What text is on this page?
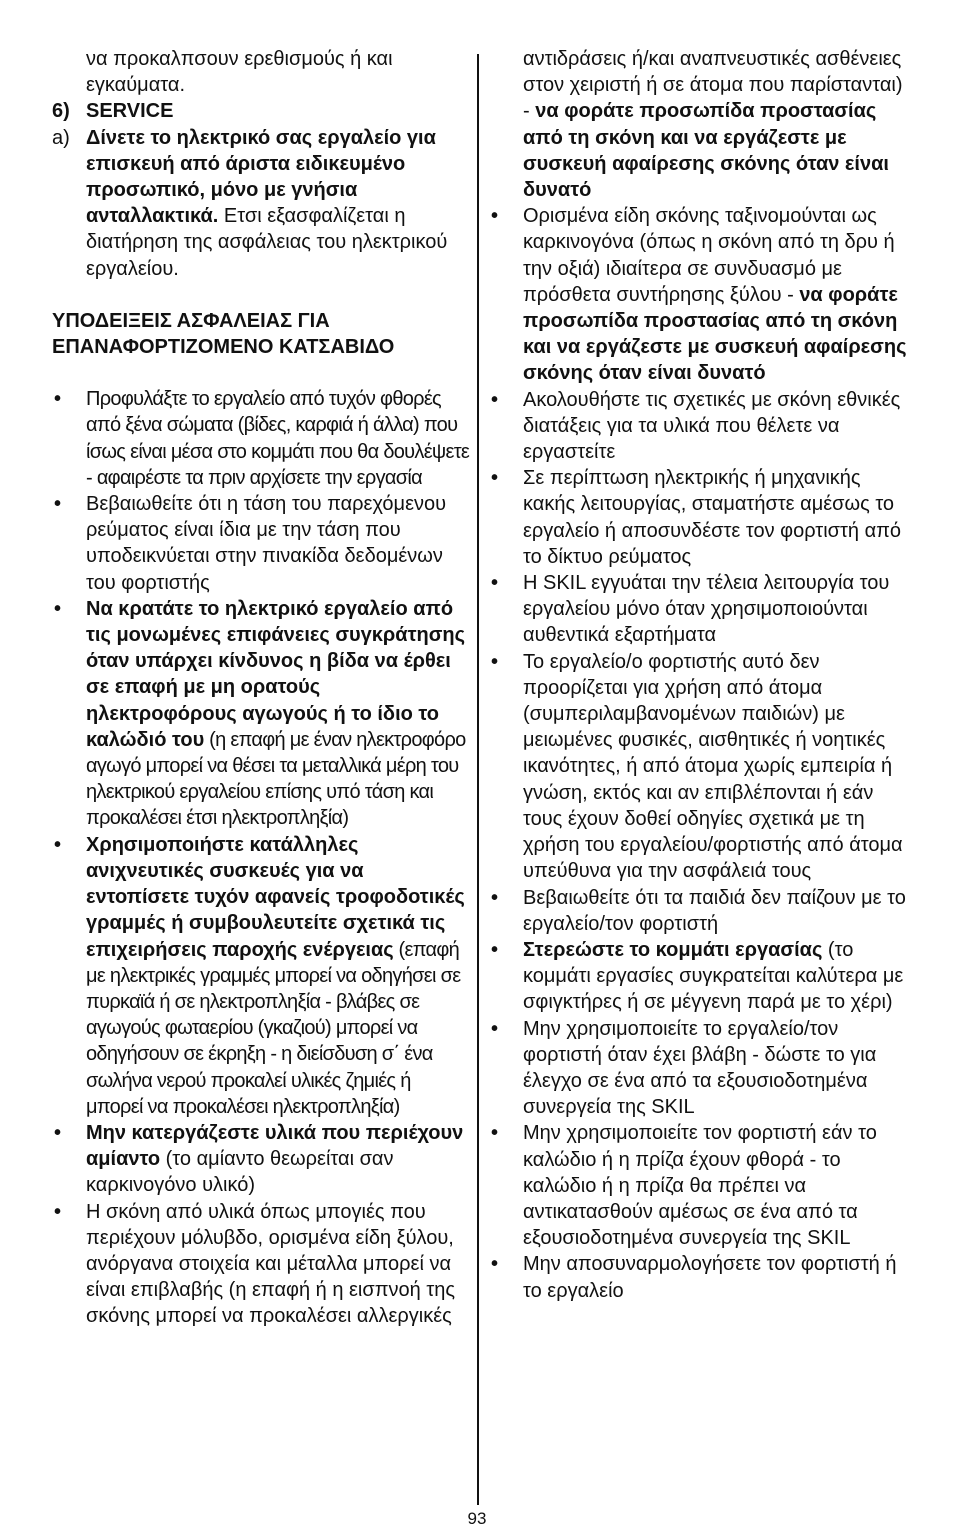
να προκαλπσουν ερεθισμούς ή και εγκαύματα.
6) SERVICE
a) Δίνετε το ηλεκτρικό σας εργαλείο για επισκευή από άριστα ειδικευμένο προσωπικό, μόνο με γνήσια ανταλλακτικά. Ετσι εξασφαλίζεται η διατήρηση της ασφάλειας του ηλεκτρικού εργαλείου.
ΥΠΟΔΕΙΞΕΙΣ ΑΣΦΑΛΕΙΑΣ ΓΙΑ
ΕΠΑΝΑΦΟΡΤΙΖΟΜΕΝΟ ΚΑΤΣΑΒΙΔΟ
• Προφυλάξτε το εργαλείο από τυχόν φθορές από ξένα σώματα (βίδες, καρφιά ή άλλα) που ίσως είναι μέσα στο κομμάτι που θα δουλέψετε - αφαιρέστε τα πριν αρχίσετε την εργασία
• Βεβαιωθείτε ότι η τάση του παρεχόμενου ρεύματος είναι ίδια με την τάση που υποδεικνύεται στην πινακίδα δεδομένων του φορτιστής
• Να κρατάτε το ηλεκτρικό εργαλείο από τις μονωμένες επιφάνειες συγκράτησης όταν υπάρχει κίνδυνος η βίδα να έρθει σε επαφή με μη ορατούς ηλεκτροφόρους αγωγούς ή το ίδιο το καλώδιό του (η επαφή με έναν ηλεκτροφόρο αγωγό μπορεί να θέσει τα μεταλλικά μέρη του ηλεκτρικού εργαλείου επίσης υπό τάση και προκαλέσει έτσι ηλεκτροπληξία)
• Χρησιμοποιήστε κατάλληλες ανιχνευτικές συσκευές για να εντοπίσετε τυχόν αφανείς τροφοδοτικές γραμμές ή συμβουλευτείτε σχετικά τις επιχειρήσεις παροχής ενέργειας (επαφή με ηλεκτρικές γραμμές μπορεί να οδηγήσει σε πυρκαϊά ή σε ηλεκτροπληξία - βλάβες σε αγωγούς φωταερίου (γκαζιού) μπορεί να οδηγήσουν σε έκρηξη - η διείσδυση σ΄ ένα σωλήνα νερού προκαλεί υλικές ζημιές ή μπορεί να προκαλέσει ηλεκτροπληξία)
• Μην κατεργάζεστε υλικά που περιέχουν αμίαντο (το αμίαντο θεωρείται σαν καρκινογόνο υλικό)
• Η σκόνη από υλικά όπως μπογιές που περιέχουν μόλυβδο, ορισμένα είδη ξύλου, ανόργανα στοιχεία και μέταλλα μπορεί να είναι επιβλαβής (η επαφή ή η εισπνοή της σκόνης μπορεί να προκαλέσει αλλεργικές
αντιδράσεις ή/και αναπνευστικές ασθένειες στον χειριστή ή σε άτομα που παρίστανται) - να φοράτε προσωπίδα προστασίας από τη σκόνη και να εργάζεστε με συσκευή αφαίρεσης σκόνης όταν είναι δυνατό
• Ορισμένα είδη σκόνης ταξινομούνται ως καρκινογόνα (όπως η σκόνη από τη δρυ ή την οξιά) ιδιαίτερα σε συνδυασμό με πρόσθετα συντήρησης ξύλου - να φοράτε προσωπίδα προστασίας από τη σκόνη και να εργάζεστε με συσκευή αφαίρεσης σκόνης όταν είναι δυνατό
• Ακολουθήστε τις σχετικές με σκόνη εθνικές διατάξεις για τα υλικά που θέλετε να εργαστείτε
• Σε περίπτωση ηλεκτρικής ή μηχανικής κακής λειτουργίας, σταματήστε αμέσως το εργαλείο ή αποσυνδέστε τον φορτιστή από το δίκτυο ρεύματος
• Η SKIL εγγυάται την τέλεια λειτουργία του εργαλείου μόνο όταν χρησιμοποιούνται αυθεντικά εξαρτήματα
• Το εργαλείο/ο φορτιστής αυτό δεν προορίζεται για χρήση από άτομα (συμπεριλαμβανομένων παιδιών) με μειωμένες φυσικές, αισθητικές ή νοητικές ικανότητες, ή από άτομα χωρίς εμπειρία ή γνώση, εκτός και αν επιβλέπονται ή εάν τους έχουν δοθεί οδηγίες σχετικά με τη χρήση του εργαλείου/φορτιστής από άτομα υπεύθυνα για την ασφάλειά τους
• Βεβαιωθείτε ότι τα παιδιά δεν παίζουν με το εργαλείο/τον φορτιστή
• Στερεώστε το κομμάτι εργασίας (το κομμάτι εργασίες συγκρατείται καλύτερα με σφιγκτήρες ή σε μέγγενη παρά με το χέρι)
• Μην χρησιμοποιείτε το εργαλείο/τον φορτιστή όταν έχει βλάβη - δώστε το για έλεγχο σε ένα από τα εξουσιοδοτημένα συνεργεία της SKIL
• Μην χρησιμοποιείτε τον φορτιστή εάν το καλώδιο ή η πρίζα έχουν φθορά - το καλώδιο ή η πρίζα θα πρέπει να αντικατασθούν αμέσως σε ένα από τα εξουσιοδοτημένα συνεργεία της SKIL
• Μην αποσυναρμολογήσετε τον φορτιστή ή το εργαλείο
93
